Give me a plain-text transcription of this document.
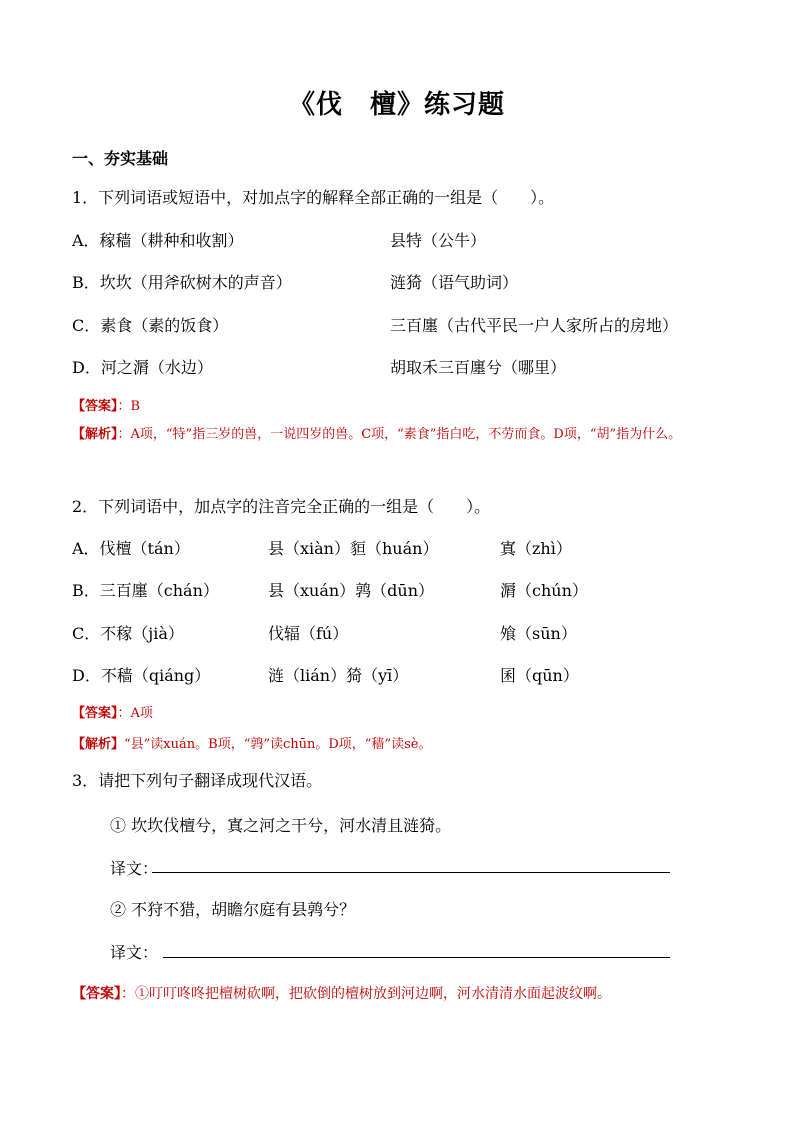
《伐　檀》练习题
一、夯实基础
1．下列词语或短语中，对加点字的解释全部正确的一组是（　　）。
A．稼穑（耕种和收割）	县特（公牛）
B．坎坎（用斧砍树木的声音）	涟猗（语气助词）
C．素食（素的饭食）	三百廛（古代平民一户人家所占的房地）
D．河之漘（水边）	胡取禾三百廛兮（哪里）
【答案】：B
【解析】：A项，“特”指三岁的兽，一说四岁的兽。C项，“素食”指白吃，不劳而食。D项，“胡”指为什么。
2．下列词语中，加点字的注音完全正确的一组是（　　）。
A．伐檀（tán）	县（xiàn）貆（huán）	寘（zhì）
B．三百廛（chán）	县（xuán）鹑（dūn）	漘（chún）
C．不稼（jià）	伐辐（fú）	飧（sūn）
D．不穑（qiáng）	涟（lián）猗（yī）	囷（qūn）
【答案】：A项
【解析】“县”读xuán。B项，“鹑”读chūn。D项，“穑”读sè。
3．请把下列句子翻译成现代汉语。
① 坎坎伐檀兮，寘之河之干兮，河水清且涟猗。
译文：
② 不狩不猎，胡瞻尔庭有县鹑兮？
译文：
【答案】：①叮叮咚咚把檀树砍啊，把砍倒的檀树放到河边啊，河水清清水面起波纹啊。
